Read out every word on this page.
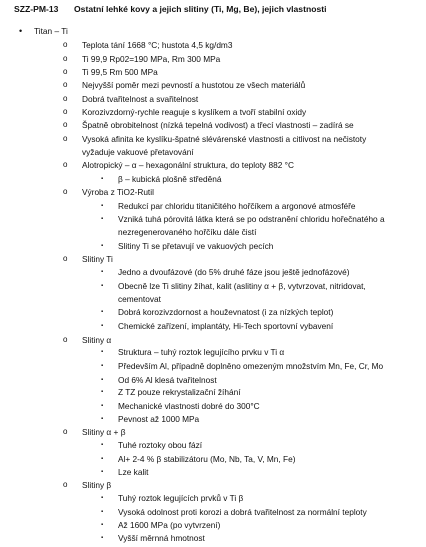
SZZ-PM-13 Ostatní lehké kovy a jejich slitiny (Ti, Mg, Be), jejich vlastnosti
• Titan – Ti
o Teplota tání 1668 °C; hustota 4,5 kg/dm3
o Ti 99,9 Rp02=190 MPa, Rm 300 MPa
o Ti 99,5 Rm 500 MPa
o Nejvyšší poměr mezi pevností a hustotou ze všech materiálů
o Dobrá tvařitelnost a svařitelnost
o Korozivzdorný-rychle reaguje s kyslíkem a tvoří stabilní oxidy
o Špatně obrobitelnost (nízká tepelná vodivost) a třecí vlastnosti – zadírá se
o Vysoká afinita ke kyslíku-špatné slévárenské vlastnosti a citlivost na nečistoty
vyžaduje vakuové přetavování
o Alotropický – α – hexagonální struktura, do teploty 882 °C
▪ β – kubická plošně středěná
o Výroba z TiO2-Rutil
▪ Redukcí par chloridu titaničitého hořčíkem a argonové atmosféře
▪ Vzniká tuhá pórovitá látka která se po odstranění chloridu hořečnatého a
nezregenerovaného hořčíku dále čistí
▪ Slitiny Ti se přetavují ve vakuových pecích
o Slitiny Ti
▪ Jedno a dvoufázové (do 5% druhé fáze jsou ještě jednofázové)
▪ Obecně lze Ti slitiny žíhat, kalit (aslitiny α + β, vytvrzovat, nitridovat,
cementovat
▪ Dobrá korozivzdornost a houževnatost (i za nízkých teplot)
▪ Chemické zařízení, implantáty, Hi-Tech sportovní vybavení
o Slitiny α
▪ Struktura – tuhý roztok legujícího prvku v Ti α
▪ Především Al, případně doplněno omezeným množstvím Mn, Fe, Cr, Mo
▪ Od 6% Al klesá tvařitelnost
▪ Z TZ pouze rekrystalizační žíhání
▪ Mechanické vlastnosti dobré do 300°C
▪ Pevnost až 1000 MPa
o Slitiny α + β
▪ Tuhé roztoky obou fází
▪ Al+ 2-4 % β stabilizátoru (Mo, Nb, Ta, V, Mn, Fe)
▪ Lze kalit
o Slitiny β
▪ Tuhý roztok legujících prvků v Ti β
▪ Vysoká odolnost proti korozi a dobrá tvařitelnost za normální teploty
▪ Až 1600 MPa (po vytvrzení)
▪ Vyšší měrnná hmotnost
